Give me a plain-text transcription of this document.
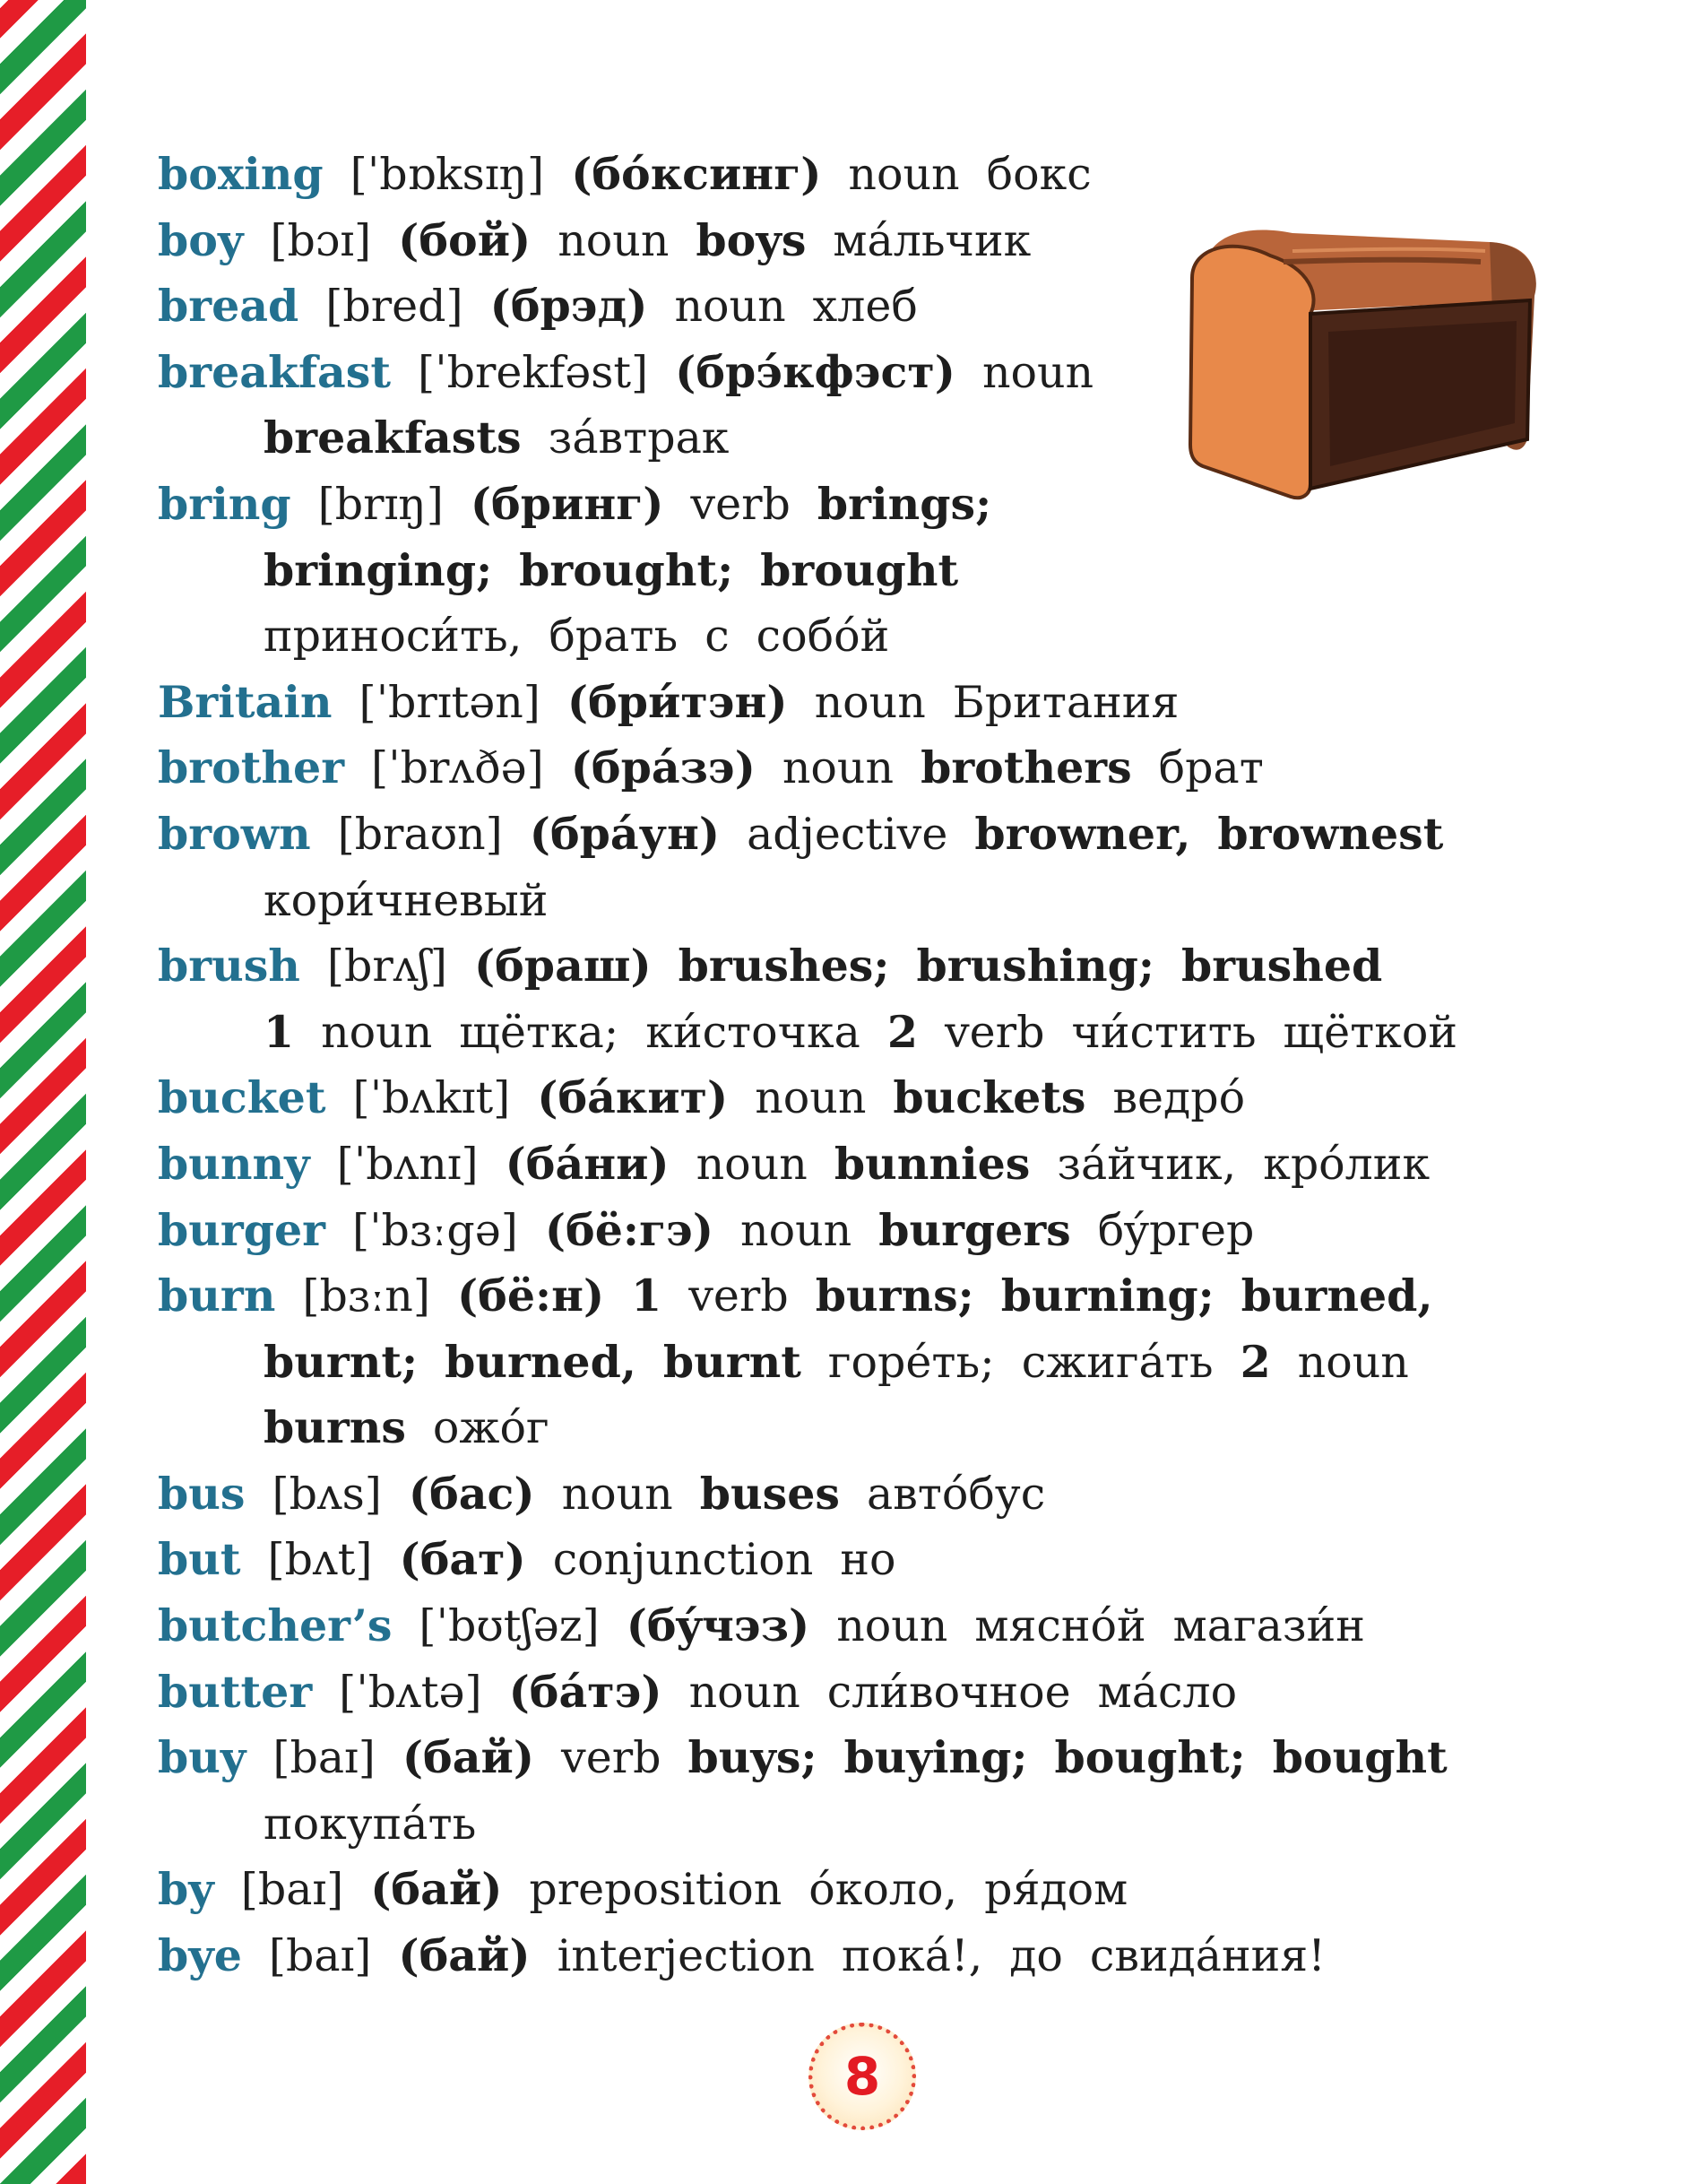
boxing [ˈbɒksɪŋ] (бóксинг) noun бокс
boy [bɔɪ] (бой) noun boys мáльчик
bread [bred] (брэд) noun хлеб
breakfast [ˈbrekfəst] (брэ́кфэст) noun
breakfasts зáвтрак
bring [brɪŋ] (бринг) verb brings;
bringing; brought; brought
приноси́ть, брать с собóй
Britain [ˈbrɪtən] (бри́тэн) noun Британия
brother [ˈbrʌðə] (брáзэ) noun brothers брат
brown [braʊn] (брáун) adjective browner, brownest
кори́чневый
brush [brʌʃ] (браш) brushes; brushing; brushed
1 noun щётка; ки́сточка 2 verb чи́стить щёткой
bucket [ˈbʌkɪt] (бáкит) noun buckets ведрó
bunny [ˈbʌnɪ] (бáни) noun bunnies зáйчик, крóлик
burger [ˈbɜːgə] (бё:гэ) noun burgers бýргер
burn [bɜːn] (бё:н) 1 verb burns; burning; burned,
burnt; burned, burnt горéть; сжигáть 2 noun
burns ожóг
bus [bʌs] (бас) noun buses автóбус
but [bʌt] (бат) conjunction но
butcher’s [ˈbʊtʃəz] (бýчэз) noun мяснóй магази́н
butter [ˈbʌtə] (бáтэ) noun сли́вочное мáсло
buy [baɪ] (бай) verb buys; buying; bought; bought
покупáть
by [baɪ] (бай) preposition óколо, ря́дом
bye [baɪ] (бай) interjection покá!, до свидáния!
8
